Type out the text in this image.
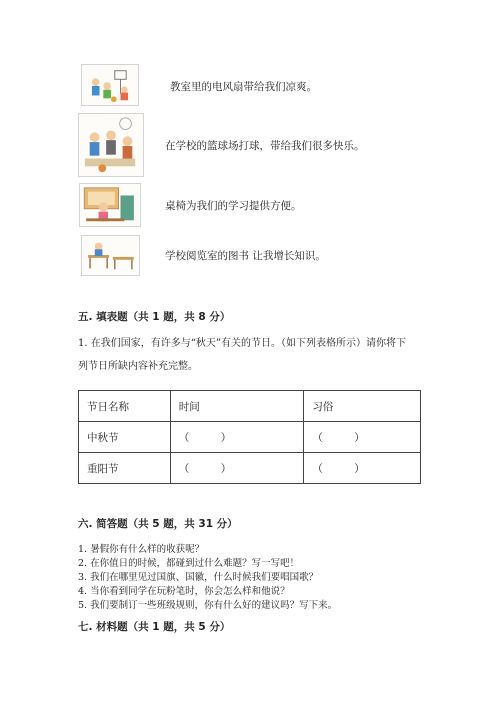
教室里的电风扇带给我们凉爽。
在学校的篮球场打球，带给我们很多快乐。
桌椅为我们的学习提供方便。
学校阅览室的图书 让我增长知识。
五. 填表题（共 1 题，共 8 分）
1. 在我们国家，有许多与“秋天”有关的节日。（如下列表格所示）请你将下
列节日所缺内容补充完整。
节日名称	时间	习俗
中秋节	（　　　）	（　　　）
重阳节	（　　　）	（　　　）
六. 简答题（共 5 题，共 31 分）
1. 暑假你有什么样的收获呢？
2. 在你值日的时候，都碰到过什么难题？写一写吧！
3. 我们在哪里见过国旗、国徽，什么时候我们要唱国歌？
4. 当你看到同学在玩粉笔时，你会怎么样和他说？
5. 我们要制订一些班级规则，你有什么好的建议吗？写下来。
七. 材料题（共 1 题，共 5 分）
